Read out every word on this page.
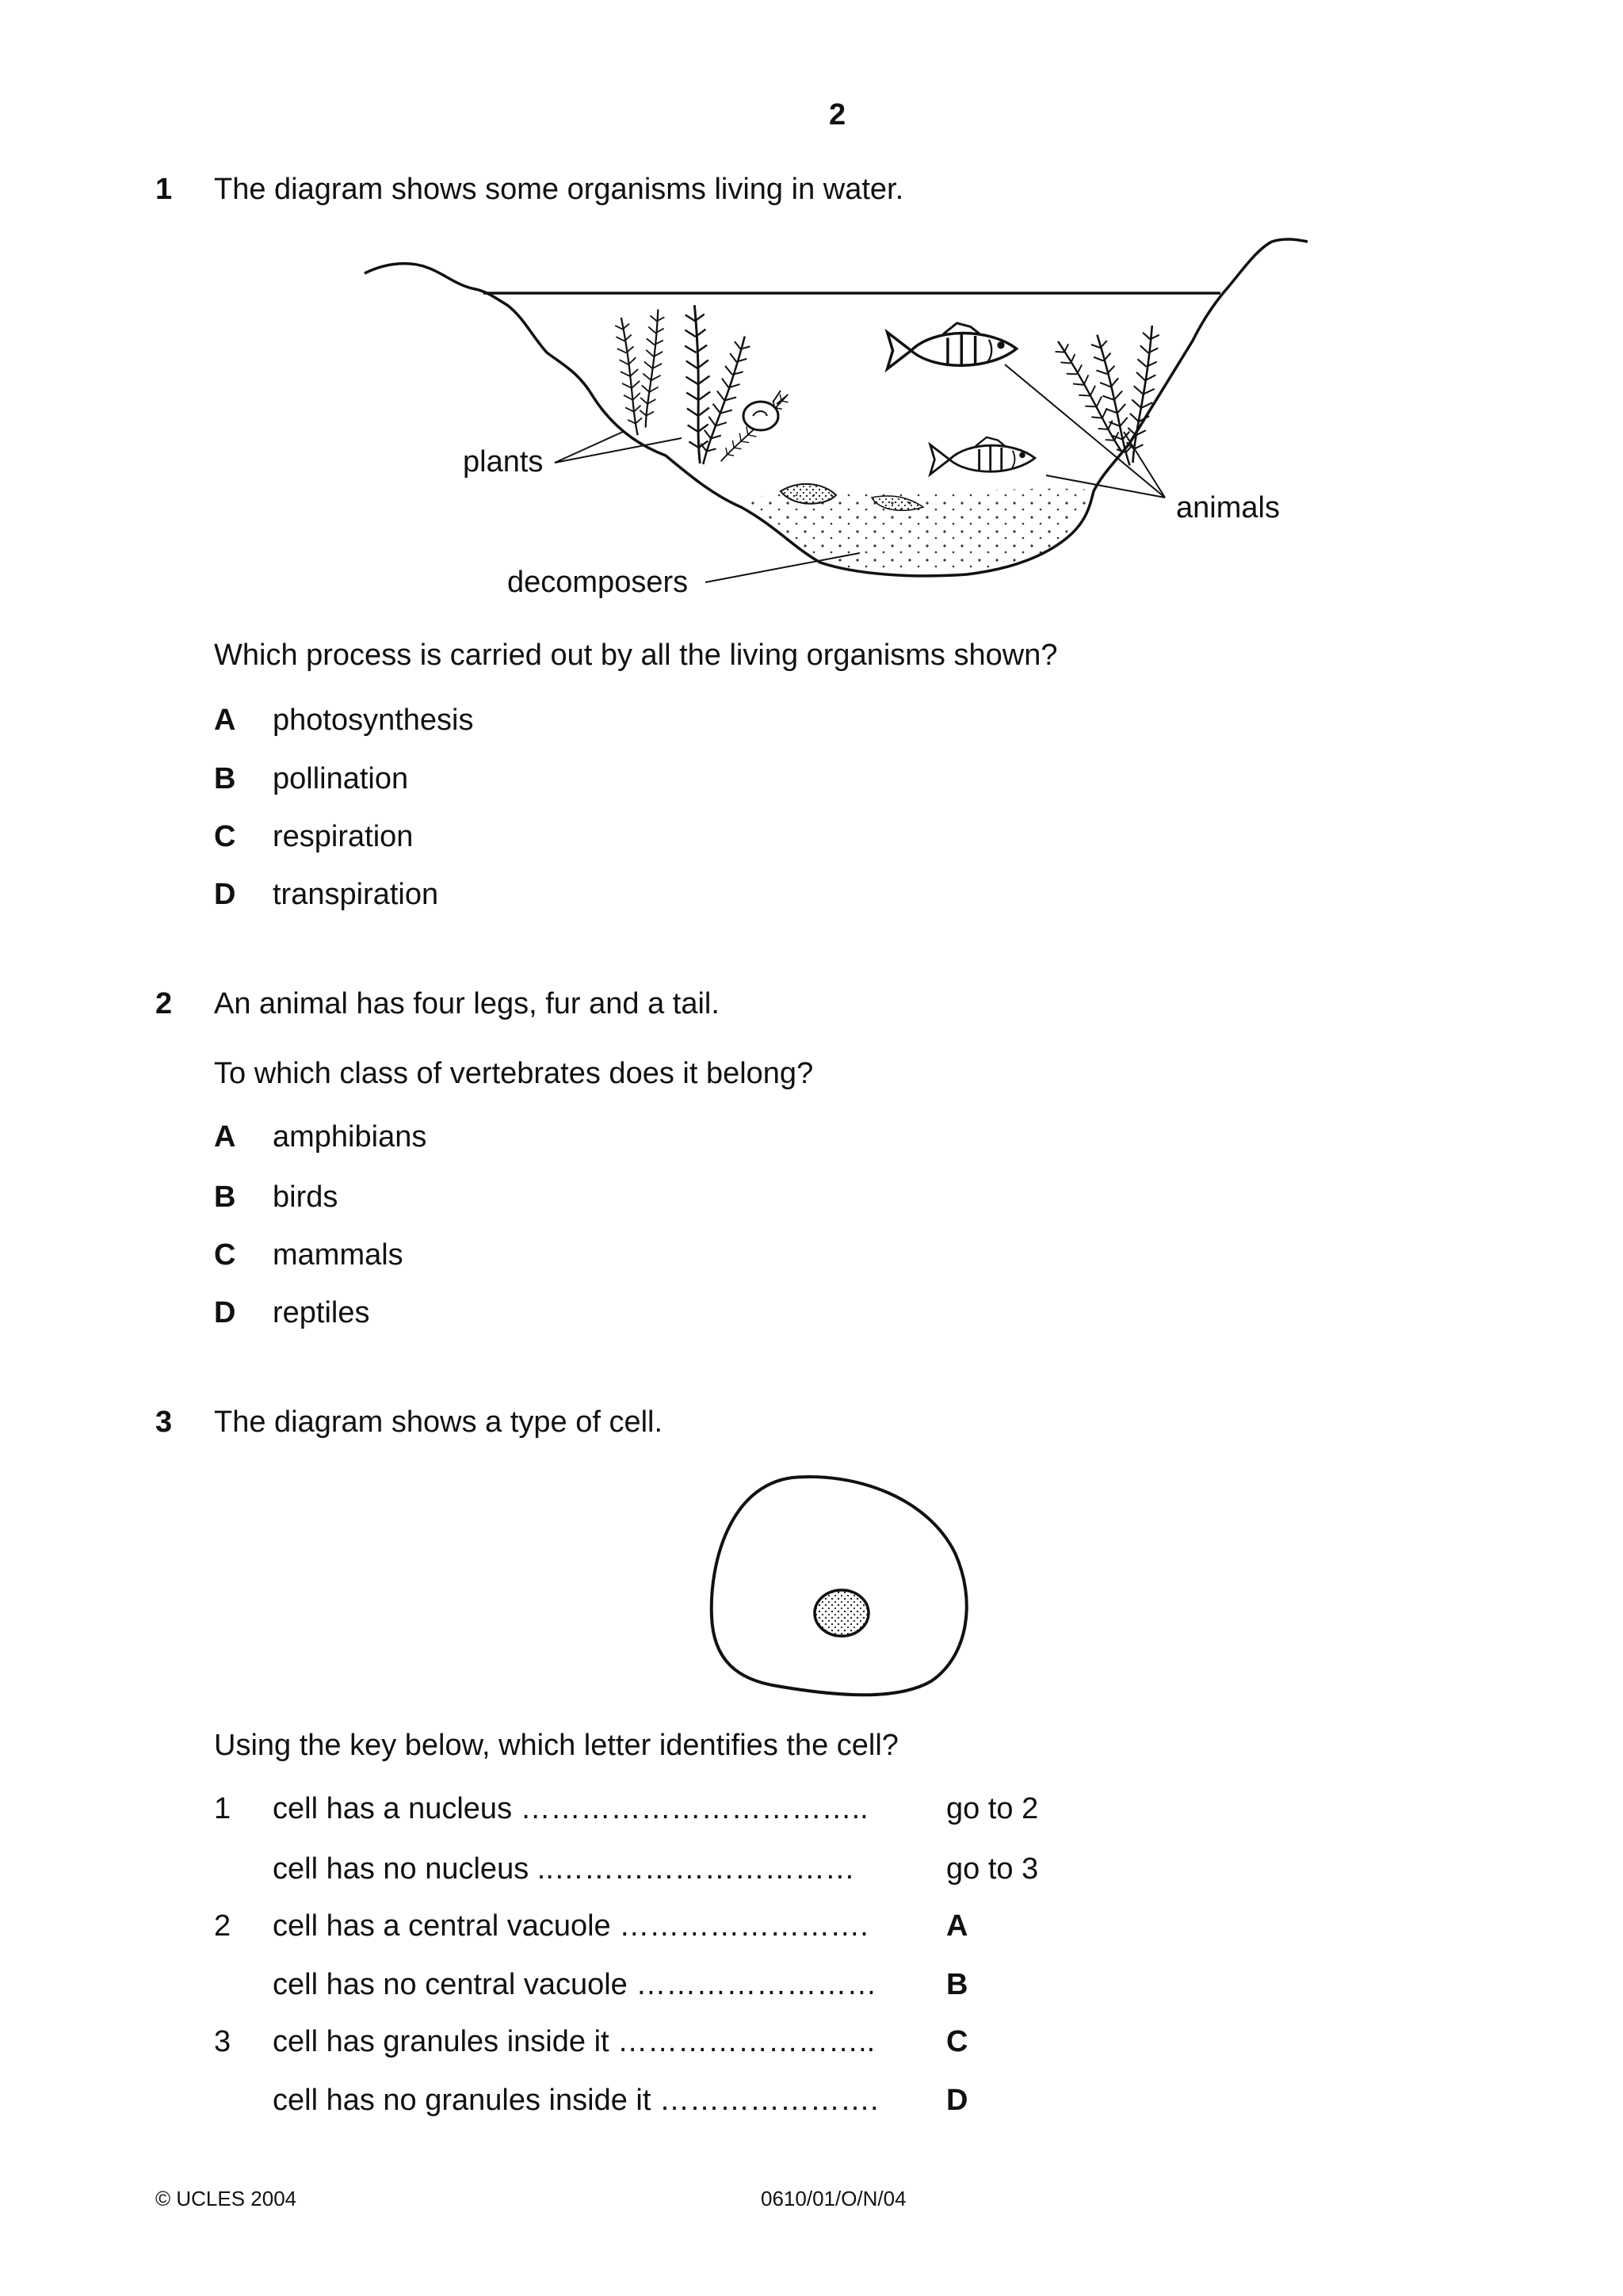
2
1 The diagram shows some organisms living in water.
plants
animals
decomposers
Which process is carried out by all the living organisms shown?
A photosynthesis
B pollination
C respiration
D transpiration
2 An animal has four legs, fur and a tail.
To which class of vertebrates does it belong?
A amphibians
B birds
C mammals
D reptiles
3 The diagram shows a type of cell.
Using the key below, which letter identifies the cell?
1 cell has a nucleus ……………………………..	go to 2
cell has no nucleus ..…………………………	go to 3
2 cell has a central vacuole …………………….	A
cell has no central vacuole …………………… B
3 cell has granules inside it …………………….. C
cell has no granules inside it …………………. D
© UCLES 2004	0610/01/O/N/04
